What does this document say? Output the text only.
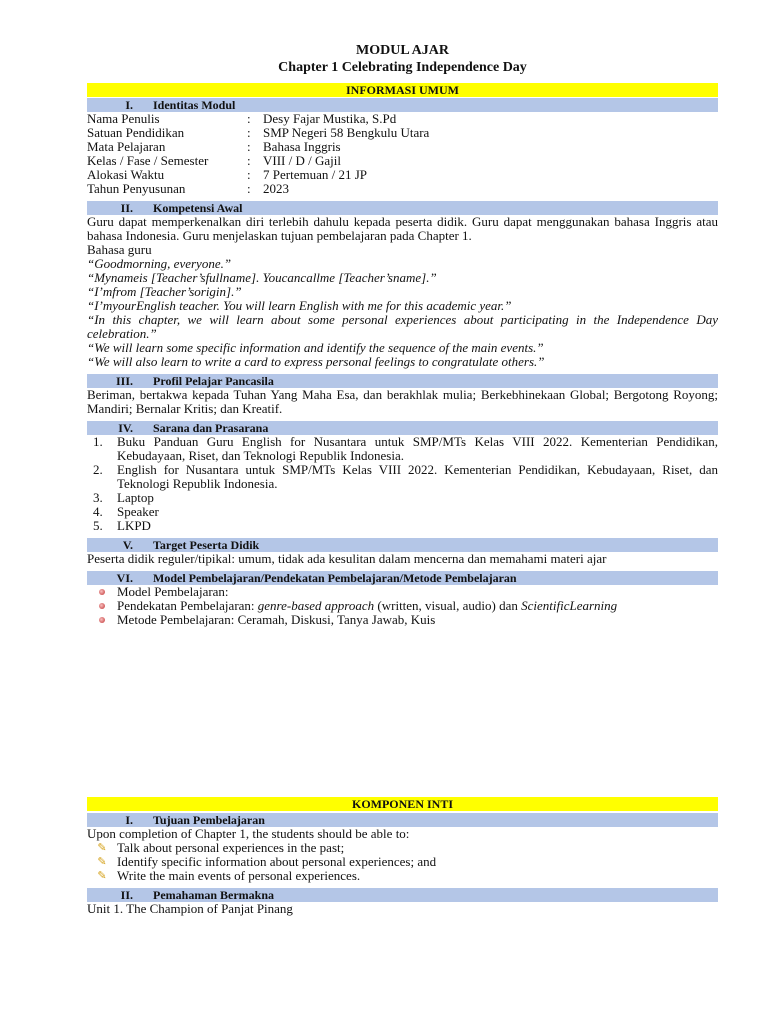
MODUL AJAR
Chapter 1 Celebrating Independence Day
INFORMASI UMUM
I. Identitas Modul
Nama Penulis	: Desy Fajar Mustika, S.Pd
Satuan Pendidikan	: SMP Negeri 58 Bengkulu Utara
Mata Pelajaran	: Bahasa Inggris
Kelas / Fase / Semester	: VIII / D / Gajil
Alokasi Waktu	: 7 Pertemuan / 21 JP
Tahun Penyusunan	: 2023
II. Kompetensi Awal
Guru dapat memperkenalkan diri terlebih dahulu kepada peserta didik. Guru dapat menggunakan bahasa Inggris atau bahasa Indonesia. Guru menjelaskan tujuan pembelajaran pada Chapter 1.
Bahasa guru
“Goodmorning, everyone.”
“Mynameis [Teacher’sfullname]. Youcancallme [Teacher’sname].”
“I’mfrom [Teacher’sorigin].”
“I’myourEnglish teacher. You will learn English with me for this academic year.”
“In this chapter, we will learn about some personal experiences about participating in the Independence Day celebration.”
“We will learn some specific information and identify the sequence of the main events.”
“We will also learn to write a card to express personal feelings to congratulate others.”
III. Profil Pelajar Pancasila
Beriman, bertakwa kepada Tuhan Yang Maha Esa, dan berakhlak mulia; Berkebhinekaan Global; Bergotong Royong; Mandiri; Bernalar Kritis; dan Kreatif.
IV. Sarana dan Prasarana
1.	Buku Panduan Guru English for Nusantara untuk SMP/MTs Kelas VIII 2022. Kementerian Pendidikan, Kebudayaan, Riset, dan Teknologi Republik Indonesia.
2.	English for Nusantara untuk SMP/MTs Kelas VIII 2022. Kementerian Pendidikan, Kebudayaan, Riset, dan Teknologi Republik Indonesia.
3.	Laptop
4.	Speaker
5.	LKPD
V. Target Peserta Didik
Peserta didik reguler/tipikal: umum, tidak ada kesulitan dalam mencerna dan memahami materi ajar
VI. Model Pembelajaran/Pendekatan Pembelajaran/Metode Pembelajaran
Model Pembelajaran:
Pendekatan Pembelajaran: genre-based approach (written, visual, audio) dan ScientificLearning
Metode Pembelajaran: Ceramah, Diskusi, Tanya Jawab, Kuis
KOMPONEN INTI
I. Tujuan Pembelajaran
Upon completion of Chapter 1, the students should be able to:
✎ Talk about personal experiences in the past;
✎ Identify specific information about personal experiences; and
✎ Write the main events of personal experiences.
II. Pemahaman Bermakna
Unit 1. The Champion of Panjat Pinang
